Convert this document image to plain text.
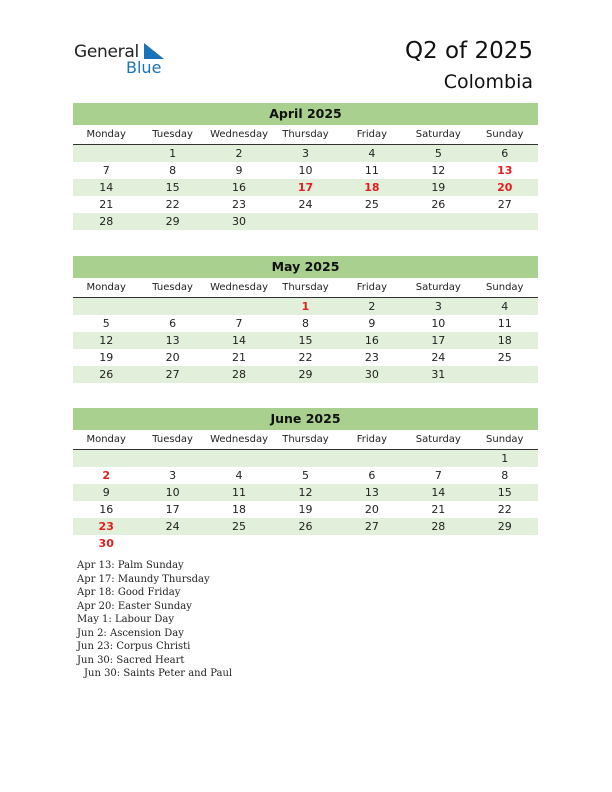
General
Blue
Q2 of 2025
Colombia
April 2025
Monday	Tuesday	Wednesday	Thursday	Friday	Saturday	Sunday
	1	2	3	4	5	6
7	8	9	10	11	12	13
14	15	16	17	18	19	20
21	22	23	24	25	26	27
28	29	30				
May 2025
Monday	Tuesday	Wednesday	Thursday	Friday	Saturday	Sunday
			1	2	3	4
5	6	7	8	9	10	11
12	13	14	15	16	17	18
19	20	21	22	23	24	25
26	27	28	29	30	31	
June 2025
Monday	Tuesday	Wednesday	Thursday	Friday	Saturday	Sunday
						1
2	3	4	5	6	7	8
9	10	11	12	13	14	15
16	17	18	19	20	21	22
23	24	25	26	27	28	29
30						
Apr 13: Palm Sunday
Apr 17: Maundy Thursday
Apr 18: Good Friday
Apr 20: Easter Sunday
May 1: Labour Day
Jun 2: Ascension Day
Jun 23: Corpus Christi
Jun 30: Sacred Heart
Jun 30: Saints Peter and Paul
